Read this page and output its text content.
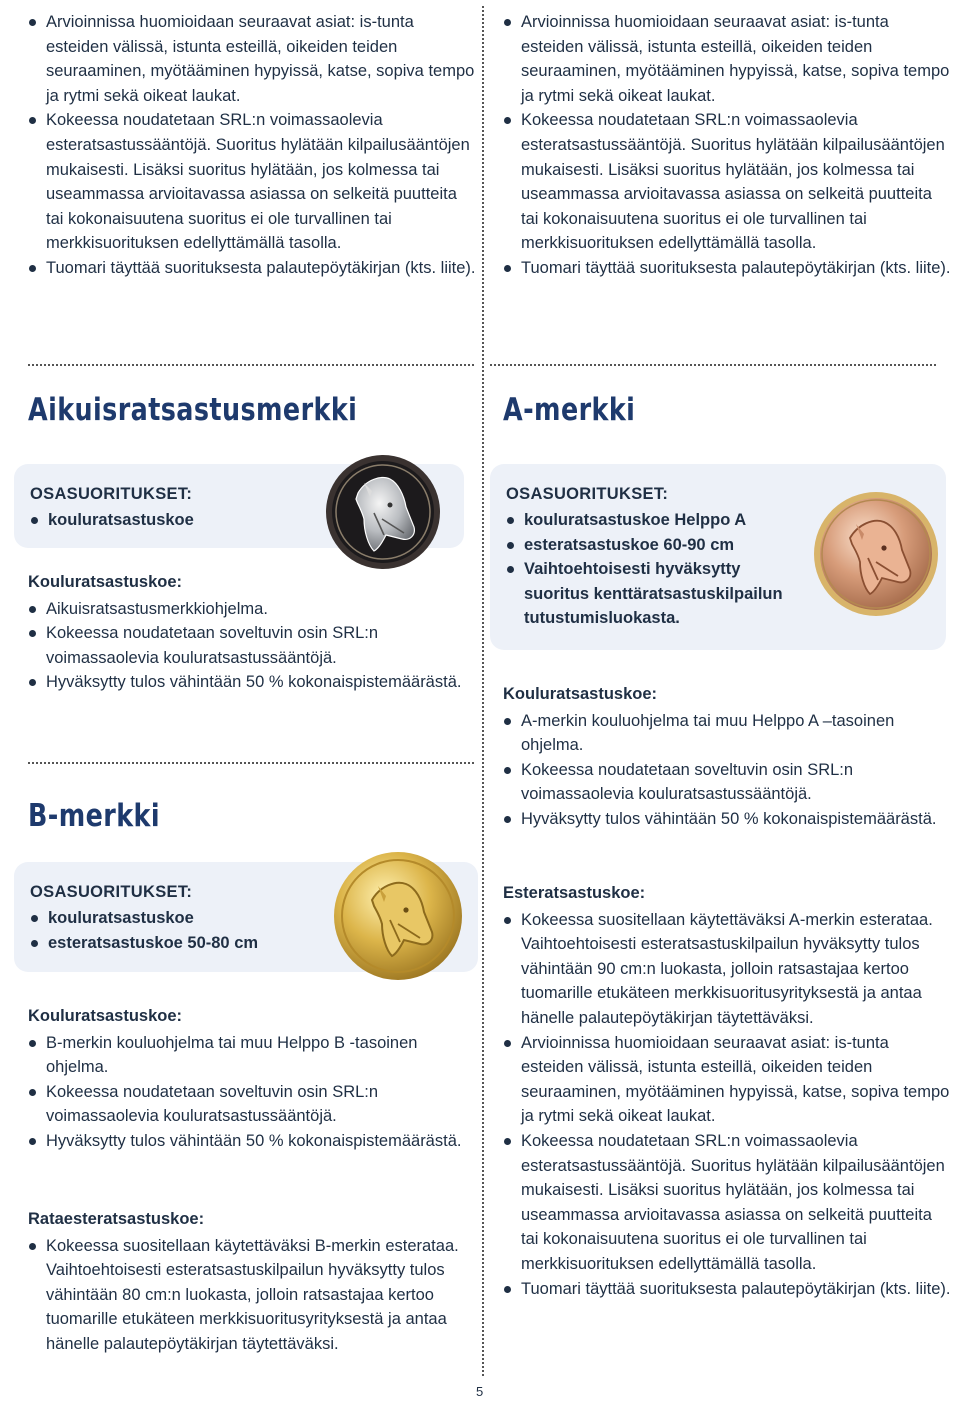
Arvioinnissa huomioidaan seuraavat asiat: is-tunta esteiden välissä, istunta esteillä, oikeiden teiden seuraaminen, myötääminen hypyissä, katse, sopiva tempo ja rytmi sekä oikeat laukat.
Kokeessa noudatetaan SRL:n voimassaolevia esteratsastussääntöjä. Suoritus hylätään kilpailusääntöjen mukaisesti. Lisäksi suoritus hylätään, jos kolmessa tai useammassa arvioitavassa asiassa on selkeitä puutteita tai kokonaisuutena suoritus ei ole turvallinen tai merkkisuorituksen edellyttämällä tasolla.
Tuomari täyttää suorituksesta palautepöytäkirjan (kts. liite).
Arvioinnissa huomioidaan seuraavat asiat: is-tunta esteiden välissä, istunta esteillä, oikeiden teiden seuraaminen, myötääminen hypyissä, katse, sopiva tempo ja rytmi sekä oikeat laukat.
Kokeessa noudatetaan SRL:n voimassaolevia esteratsastussääntöjä. Suoritus hylätään kilpailusääntöjen mukaisesti. Lisäksi suoritus hylätään, jos kolmessa tai useammassa arvioitavassa asiassa on selkeitä puutteita tai kokonaisuutena suoritus ei ole turvallinen tai merkkisuorituksen edellyttämällä tasolla.
Tuomari täyttää suorituksesta palautepöytäkirjan (kts. liite).
Aikuisratsastusmerkki
OSASUORITUKSET:
kouluratsastuskoe
Kouluratsastuskoe:
Aikuisratsastusmerkkiohjelma.
Kokeessa noudatetaan soveltuvin osin SRL:n voimassaolevia kouluratsastussääntöjä.
Hyväksytty tulos vähintään 50 % kokonaispistemäärästä.
B-merkki
OSASUORITUKSET:
kouluratsastuskoe
esteratsastuskoe 50-80 cm
Kouluratsastuskoe:
B-merkin kouluohjelma tai muu Helppo B -tasoinen ohjelma.
Kokeessa noudatetaan soveltuvin osin SRL:n voimassaolevia kouluratsastussääntöjä.
Hyväksytty tulos vähintään 50 % kokonaispistemäärästä.
Rataesteratsastuskoe:
Kokeessa suositellaan käytettäväksi B-merkin esterataa. Vaihtoehtoisesti esteratsastuskilpailun hyväksytty tulos vähintään 80 cm:n luokasta, jolloin ratsastajaa kertoo tuomarille etukäteen merkkisuoritusyrityksestä ja antaa hänelle palautepöytäkirjan täytettäväksi.
A-merkki
OSASUORITUKSET:
kouluratsastuskoe Helppo A
esteratsastuskoe 60-90 cm
Vaihtoehtoisesti hyväksytty suoritus kenttäratsastuskilpailun tutustumisluokasta.
Kouluratsastuskoe:
A-merkin kouluohjelma tai muu Helppo A –tasoinen ohjelma.
Kokeessa noudatetaan soveltuvin osin SRL:n voimassaolevia kouluratsastussääntöjä.
Hyväksytty tulos vähintään 50 % kokonaispistemäärästä.
Esteratsastuskoe:
Kokeessa suositellaan käytettäväksi A-merkin esterataa. Vaihtoehtoisesti esteratsastuskilpailun hyväksytty tulos vähintään 90 cm:n luokasta, jolloin ratsastajaa kertoo tuomarille etukäteen merkkisuoritusyrityksestä ja antaa hänelle palautepöytäkirjan täytettäväksi.
Arvioinnissa huomioidaan seuraavat asiat: is-tunta esteiden välissä, istunta esteillä, oikeiden teiden seuraaminen, myötääminen hypyissä, katse, sopiva tempo ja rytmi sekä oikeat laukat.
Kokeessa noudatetaan SRL:n voimassaolevia esteratsastussääntöjä. Suoritus hylätään kilpailusääntöjen mukaisesti. Lisäksi suoritus hylätään, jos kolmessa tai useammassa arvioitavassa asiassa on selkeitä puutteita tai kokonaisuutena suoritus ei ole turvallinen tai merkkisuorituksen edellyttämällä tasolla.
Tuomari täyttää suorituksesta palautepöytäkirjan (kts. liite).
5
